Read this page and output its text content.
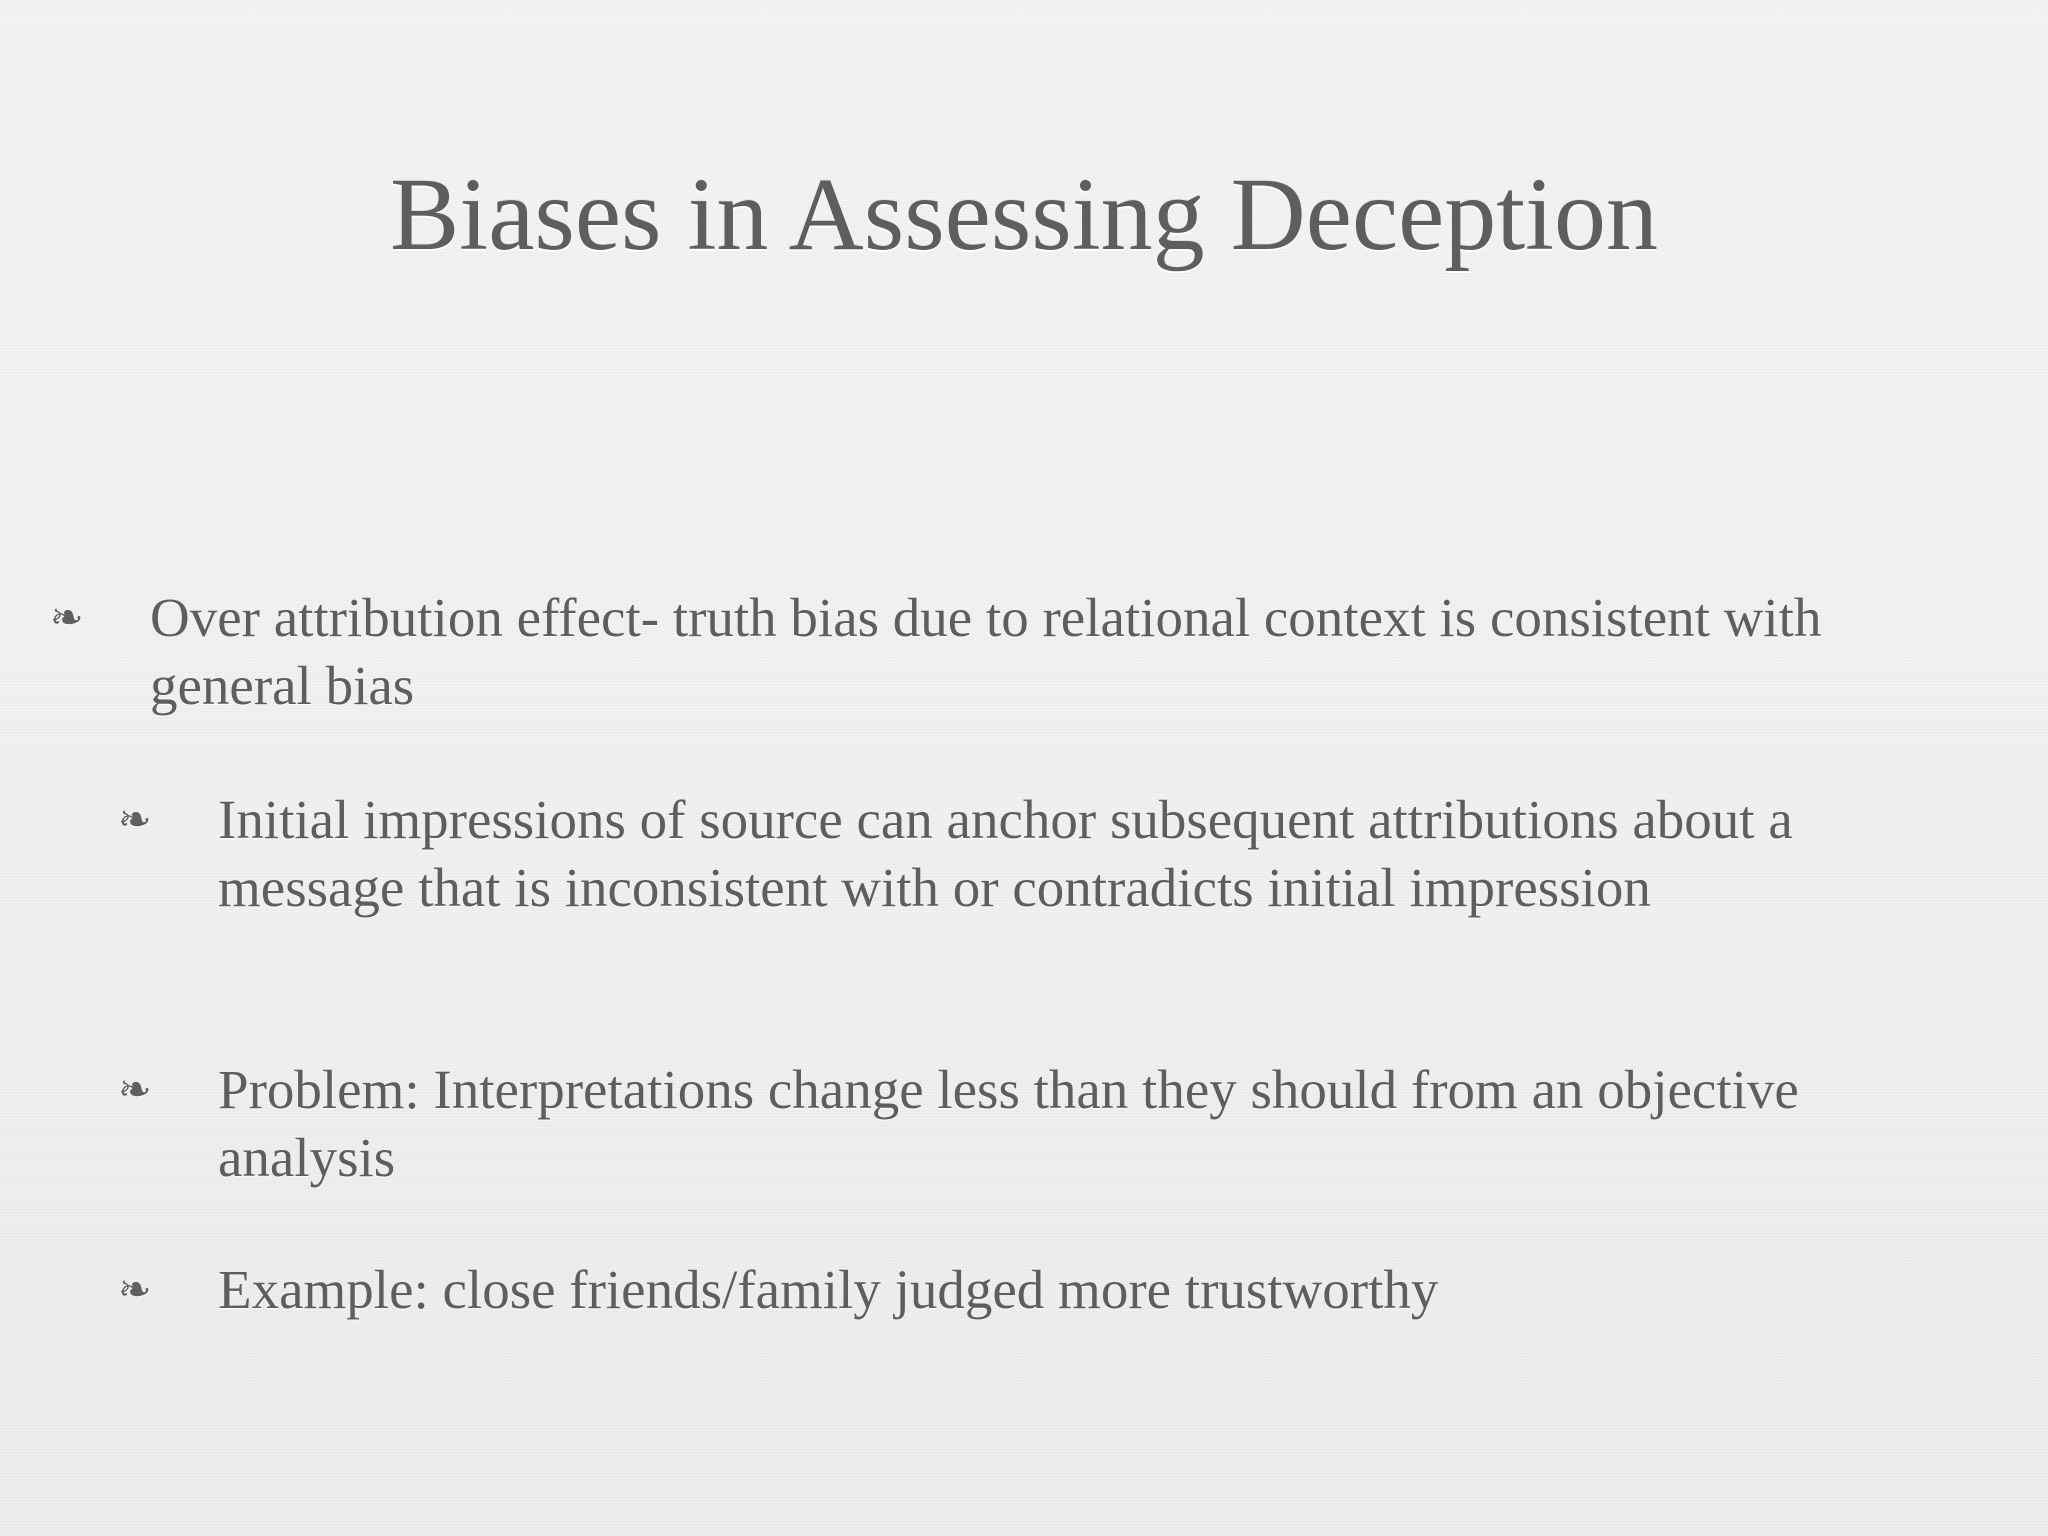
Biases in Assessing Deception
❧ Over attribution effect- truth bias due to relational context is consistent with general bias
❧ Initial impressions of source can anchor subsequent attributions about a message that is inconsistent with or contradicts initial impression
❧ Problem: Interpretations change less than they should from an objective analysis
❧ Example: close friends/family judged more trustworthy
